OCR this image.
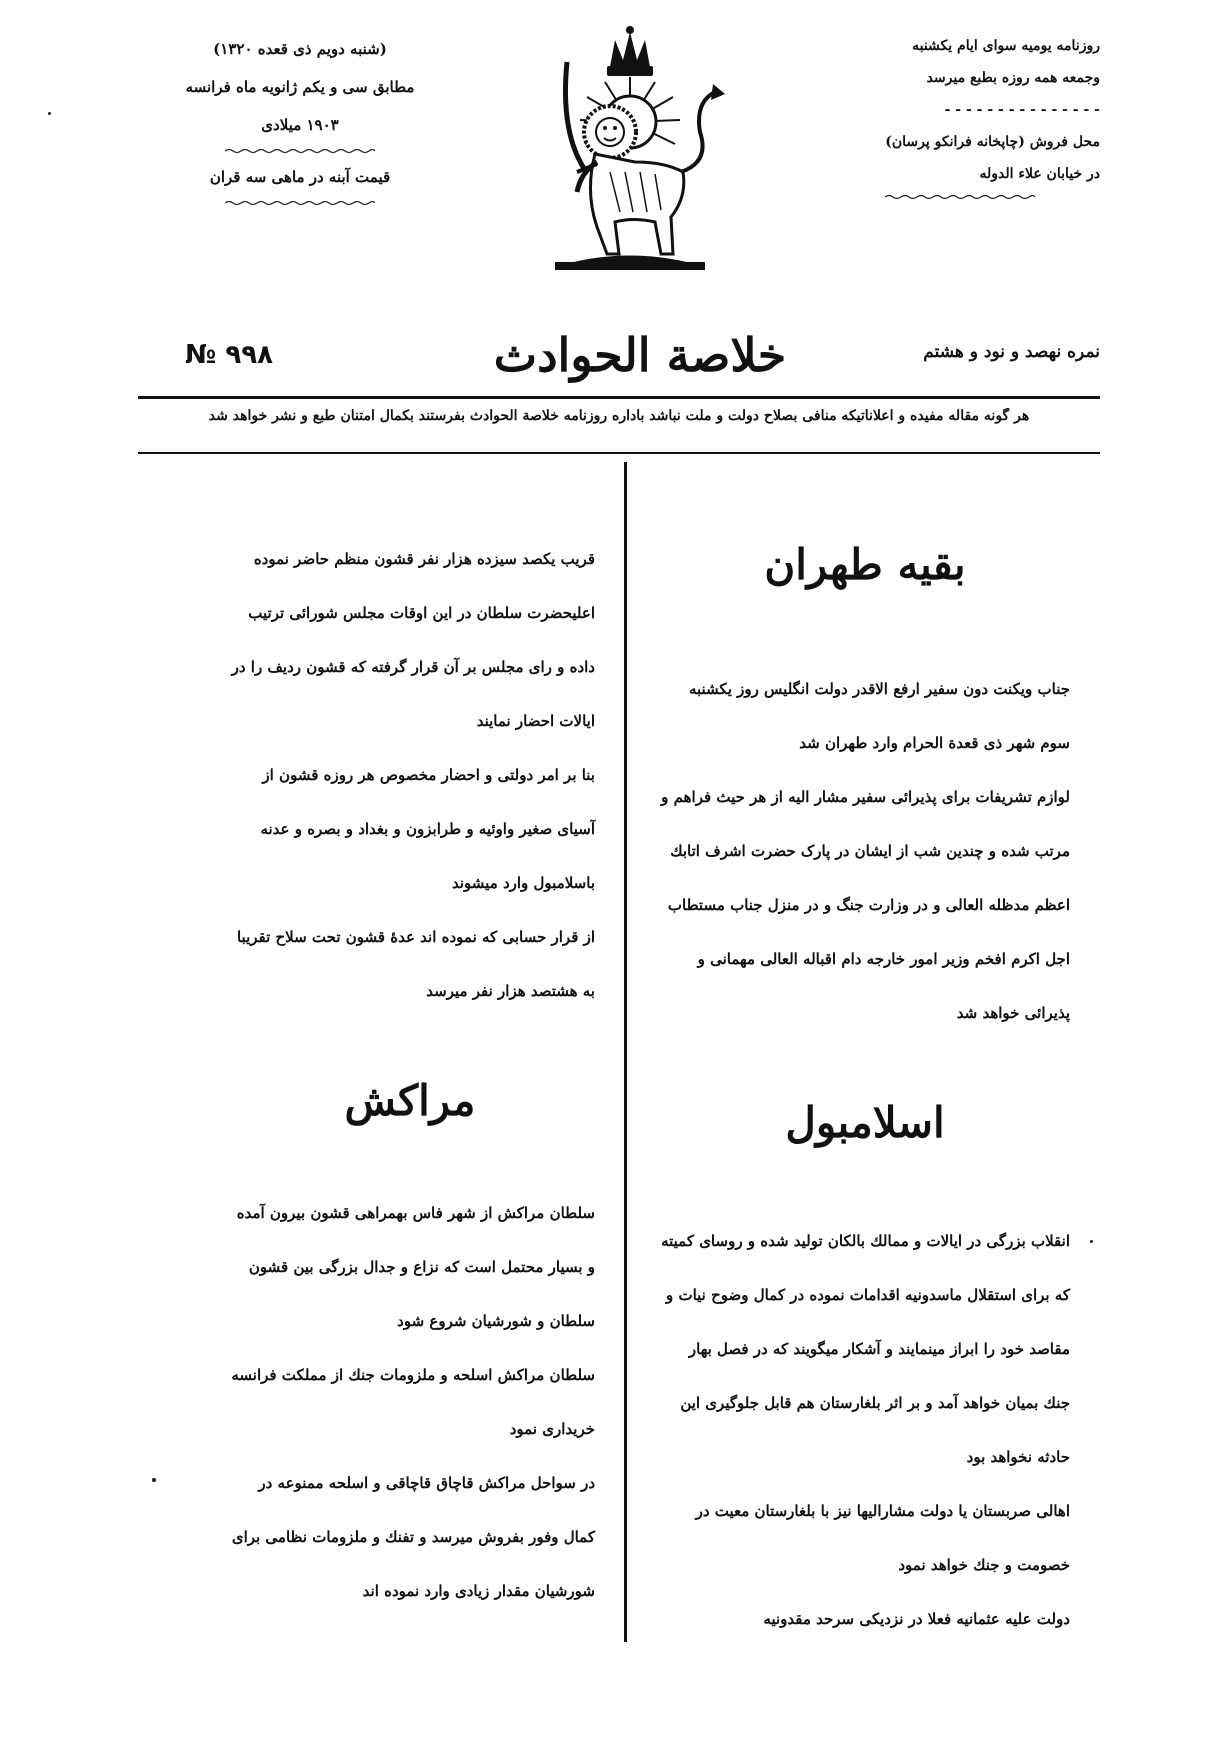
روزنامه یومیه سوای ایام یکشنبه
وجمعه همه روزه بطبع میرسد
- - - - - - - - - - - - - - -
محل فروش (چاپخانه فرانکو پرسان)
در خیابان علاء الدوله
(شنبه دویم ذی قعده ۱۳۲۰)
مطابق سی و یکم ژانویه ماه فرانسه
۱۹۰۳ میلادی
قیمت آبنه در ماهی سه قران
№ ٩٩٨	خلاصة الحوادث	نمره نهصد و نود و هشتم
هر گونه مقاله مفیده و اعلاناتیکه منافی بصلاح دولت و ملت نباشد باداره روزنامه خلاصة الحوادث بفرستند بکمال امتنان طبع و نشر خواهد شد
بقیه طهران

جناب ویکنت دون سفیر ارفع الاقدر دولت انگلیس روز یکشنبه سوم شهر ذی قعدة الحرام وارد طهران شد

لوازم تشریفات برای پذیرائی سفیر مشار الیه از هر حیث فراهم و مرتب شده و چندین شب از ایشان در پارک حضرت اشرف اتابك اعظم مدظله العالی و در وزارت جنگ و در منزل جناب مستطاب اجل اکرم افخم وزیر امور خارجه دام اقباله العالی مهمانی و پذیرائی خواهد شد

اسلامبول

انقلاب بزرگی در ایالات و ممالك بالکان تولید شده و روسای کمیته که برای استقلال ماسدونیه اقدامات نموده در کمال وضوح نیات و مقاصد خود را ابراز مینمایند و آشکار میگویند که در فصل بهار جنك بمیان خواهد آمد و بر اثر بلغارستان هم قابل جلوگیری این حادثه نخواهد بود

اهالی صربستان یا دولت مشارالیها نیز با بلغارستان معیت در خصومت و جنك خواهد نمود

دولت علیه عثمانیه فعلا در نزدیکی سرحد مقدونیه

قریب یکصد سیزده هزار نفر قشون منظم حاضر نموده

اعلیحضرت سلطان در این اوقات مجلس شورائی ترتیب داده و رای مجلس بر آن قرار گرفته که قشون ردیف را در ایالات احضار نمایند

بنا بر امر دولتی و احضار مخصوص هر روزه قشون از آسیای صغیر واوئیه و طرابزون و بغداد و بصره و عدنه باسلامبول وارد میشوند

از قرار حسابی که نموده اند عدهٔ قشون تحت سلاح تقریبا به هشتصد هزار نفر میرسد

مراکش

سلطان مراکش از شهر فاس بهمراهی قشون بیرون آمده و بسیار محتمل است که نزاع و جدال بزرگی بین قشون سلطان و شورشیان شروع شود

سلطان مراکش اسلحه و ملزومات جنك از مملکت فرانسه خریداری نمود

در سواحل مراکش قاچاق قاچاقی و اسلحه ممنوعه در کمال وفور بفروش میرسد و تفنك و ملزومات نظامی برای شورشیان مقدار زیادی وارد نموده اند
